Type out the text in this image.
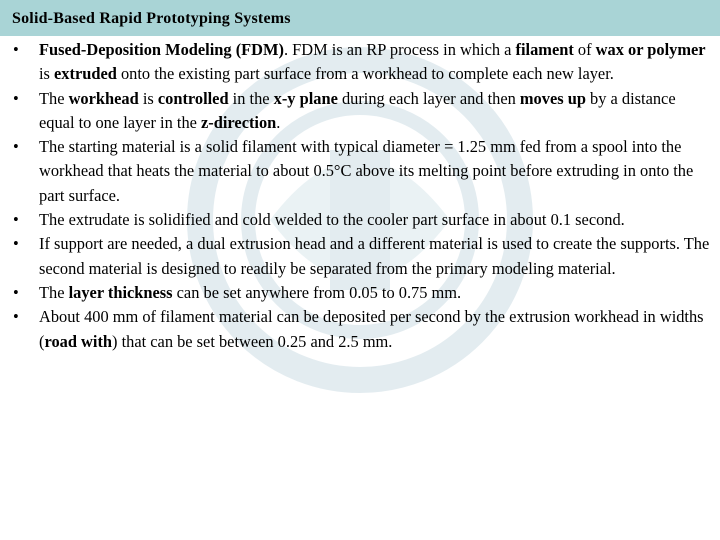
Solid-Based Rapid Prototyping Systems
• Fused-Deposition Modeling (FDM). FDM is an RP process in which a filament of wax or polymer is extruded onto the existing part surface from a workhead to complete each new layer.
• The workhead is controlled in the x-y plane during each layer and then moves up by a distance equal to one layer in the z-direction.
• The starting material is a solid filament with typical diameter = 1.25 mm fed from a spool into the workhead that heats the material to about 0.5°C above its melting point before extruding in onto the part surface.
• The extrudate is solidified and cold welded to the cooler part surface in about 0.1 second.
• If support are needed, a dual extrusion head and a different material is used to create the supports. The second material is designed to readily be separated from the primary modeling material.
• The layer thickness can be set anywhere from 0.05 to 0.75 mm.
• About 400 mm of filament material can be deposited per second by the extrusion workhead in widths (road with) that can be set between 0.25 and 2.5 mm.
